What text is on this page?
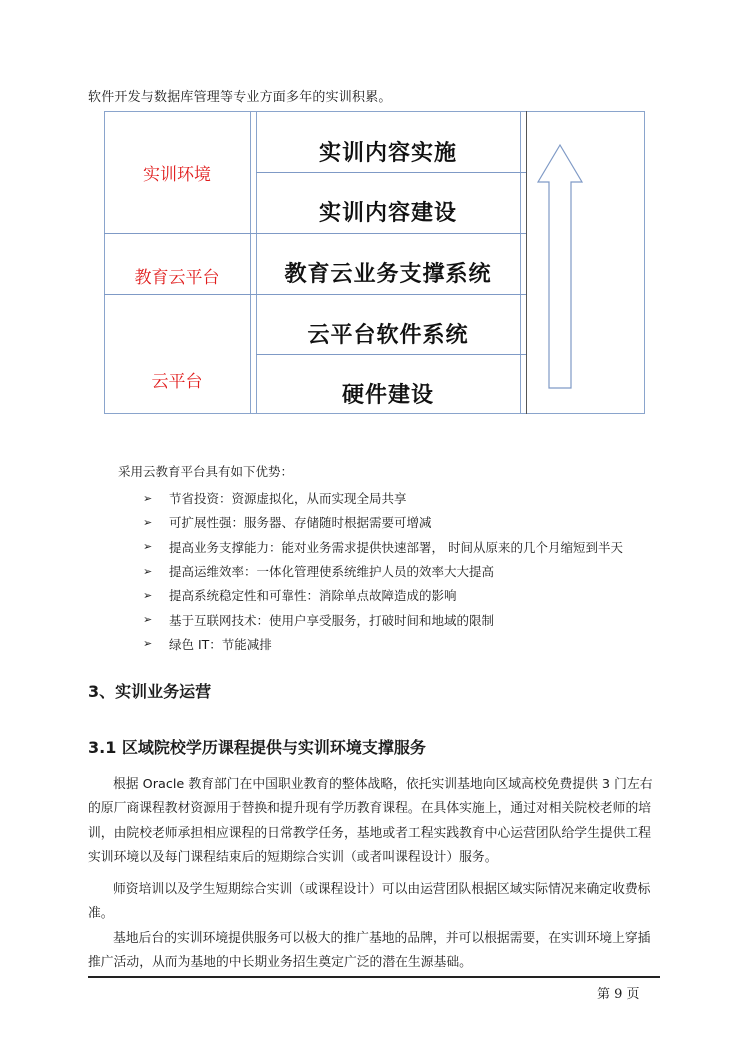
软件开发与数据库管理等专业方面多年的实训积累。
实训环境
教育云平台
云平台
实训内容实施
实训内容建设
教育云业务支撑系统
云平台软件系统
硬件建设
采用云教育平台具有如下优势：
➢	节省投资：资源虚拟化，从而实现全局共享
➢	可扩展性强：服务器、存储随时根据需要可增减
➢	提高业务支撑能力：能对业务需求提供快速部署， 时间从原来的几个月缩短到半天
➢	提高运维效率：一体化管理使系统维护人员的效率大大提高
➢	提高系统稳定性和可靠性：消除单点故障造成的影响
➢	基于互联网技术：使用户享受服务，打破时间和地域的限制
➢	绿色 IT：节能减排
3、实训业务运营
3.1 区域院校学历课程提供与实训环境支撑服务

根据 Oracle 教育部门在中国职业教育的整体战略，依托实训基地向区域高校免费提供 3 门左右的原厂商课程教材资源用于替换和提升现有学历教育课程。在具体实施上，通过对相关院校老师的培训，由院校老师承担相应课程的日常教学任务，基地或者工程实践教育中心运营团队给学生提供工程实训环境以及每门课程结束后的短期综合实训（或者叫课程设计）服务。

师资培训以及学生短期综合实训（或课程设计）可以由运营团队根据区域实际情况来确定收费标准。

基地后台的实训环境提供服务可以极大的推广基地的品牌，并可以根据需要，在实训环境上穿插推广活动，从而为基地的中长期业务招生奠定广泛的潜在生源基础。

第 9 页
